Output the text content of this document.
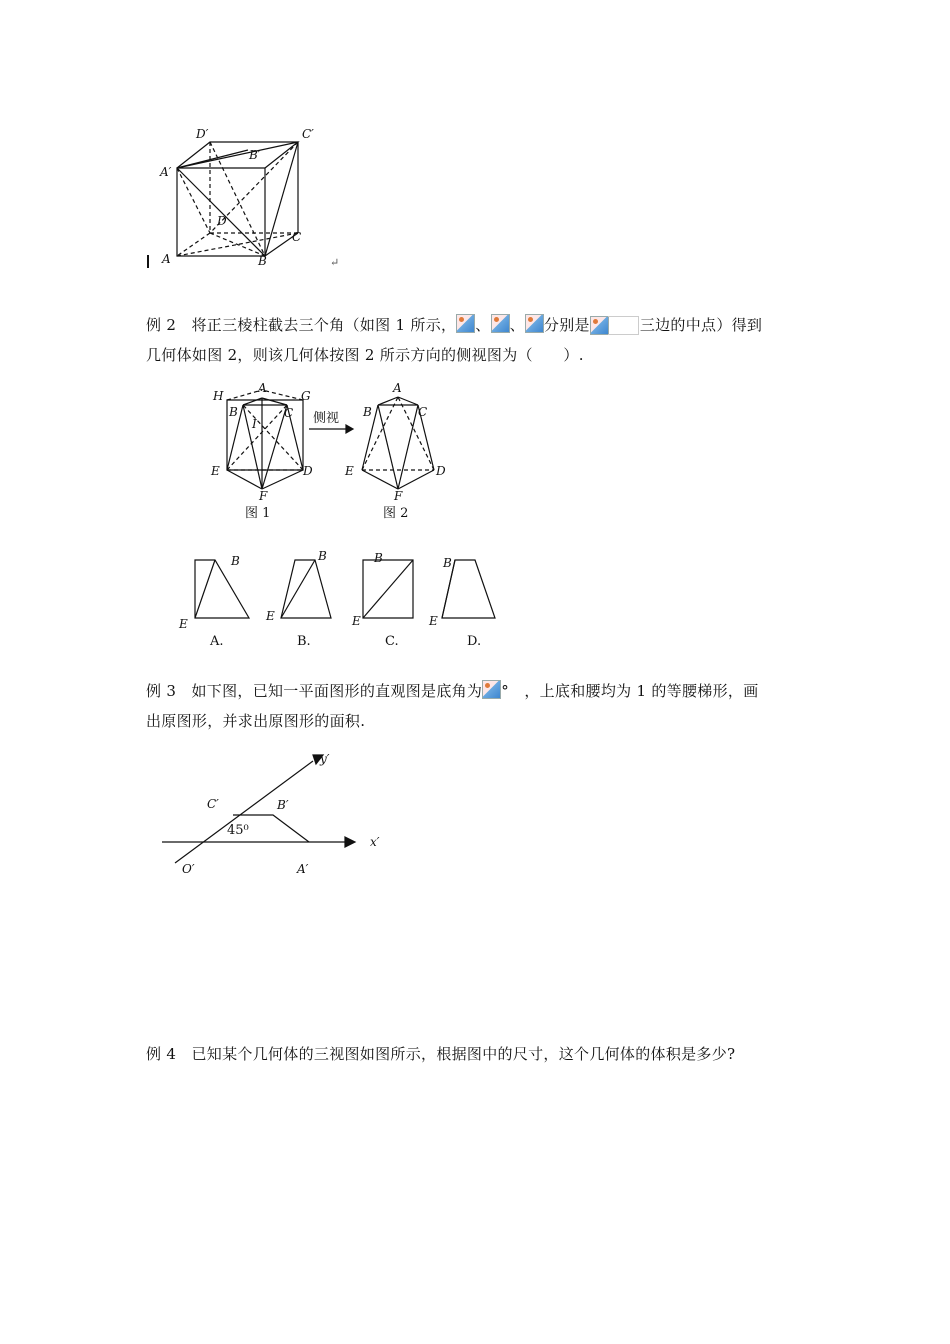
D′	C′
B′
A′
D
C
A	B	↵
例 2　将正三棱柱截去三个角（如图 1 所示， 、 、 分别是	三边的中点）得到
几何体如图 2，则该几何体按图 2 所示方向的侧视图为（　　）.
H
A
G
B	C
I
E	D
F
图 1
侧视
A
B	C
E	D
F
图 2
B
E
A.
B
E
B.
B
E
C.
B
E
D.
例 3　如下图，已知一平面图形的直观图是底角为 °　，上底和腰均为 1 的等腰梯形，画
出原图形，并求出原图形的面积.
y′
x′
C′	B′
45⁰
O′	A′
例 4　已知某个几何体的三视图如图所示，根据图中的尺寸，这个几何体的体积是多少?
